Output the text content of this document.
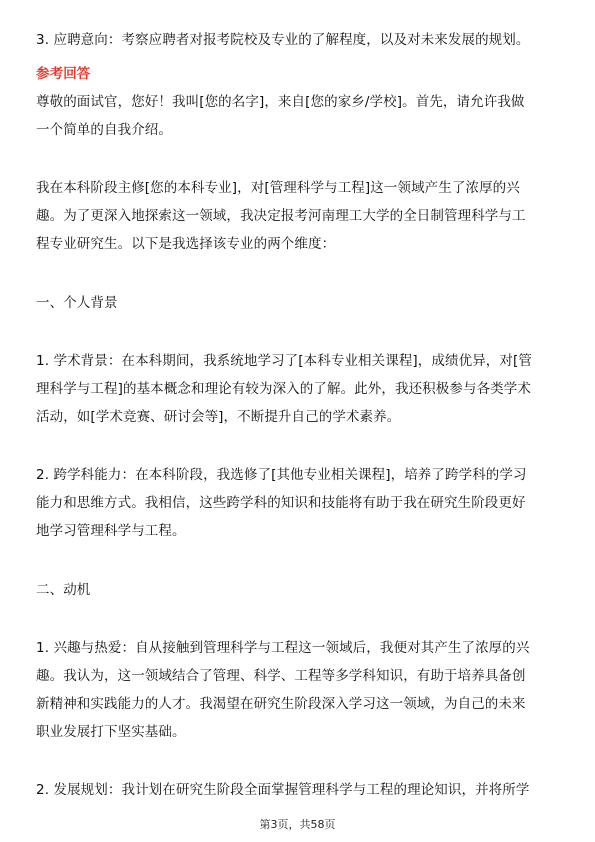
3. 应聘意向：考察应聘者对报考院校及专业的了解程度，以及对未来发展的规划。
参考回答
尊敬的面试官，您好！我叫[您的名字]，来自[您的家乡/学校]。首先，请允许我做
一个简单的自我介绍。
我在本科阶段主修[您的本科专业]，对[管理科学与工程]这一领域产生了浓厚的兴
趣。为了更深入地探索这一领域，我决定报考河南理工大学的全日制管理科学与工
程专业研究生。以下是我选择该专业的两个维度：
一、个人背景
1. 学术背景：在本科期间，我系统地学习了[本科专业相关课程]，成绩优异，对[管
理科学与工程]的基本概念和理论有较为深入的了解。此外，我还积极参与各类学术
活动，如[学术竞赛、研讨会等]，不断提升自己的学术素养。
2. 跨学科能力：在本科阶段，我选修了[其他专业相关课程]，培养了跨学科的学习
能力和思维方式。我相信，这些跨学科的知识和技能将有助于我在研究生阶段更好
地学习管理科学与工程。
二、动机
1. 兴趣与热爱：自从接触到管理科学与工程这一领域后，我便对其产生了浓厚的兴
趣。我认为，这一领域结合了管理、科学、工程等多学科知识，有助于培养具备创
新精神和实践能力的人才。我渴望在研究生阶段深入学习这一领域，为自己的未来
职业发展打下坚实基础。
2. 发展规划：我计划在研究生阶段全面掌握管理科学与工程的理论知识，并将所学
第3页，共58页
